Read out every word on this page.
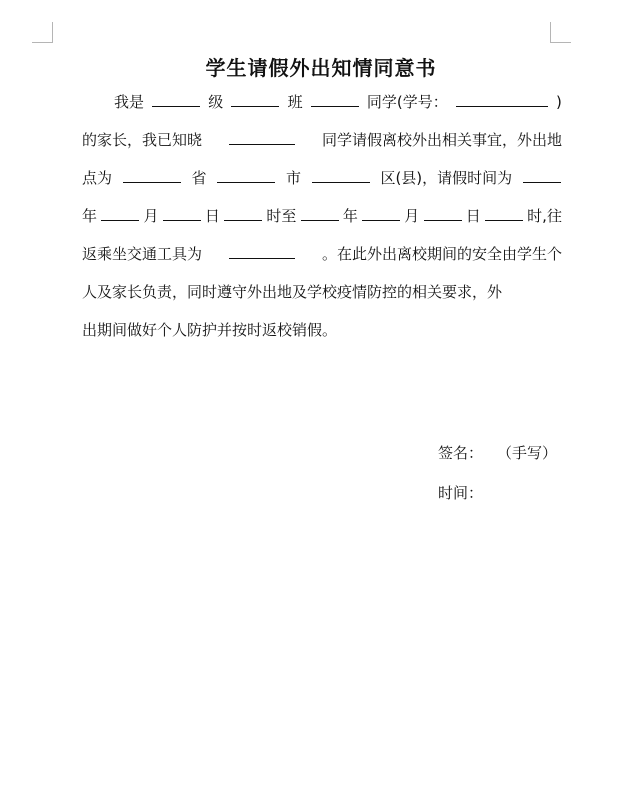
学生请假外出知情同意书
我是	级	班	同学(学号：	)
的家长，我已知晓	同学请假离校外出相关事宜，外出地
点为	省	市	区(县)，请假时间为
年	月	日	时至	年	月	日	时,往
返乘坐交通工具为	。在此外出离校期间的安全由学生个
人及家长负责，同时遵守外出地及学校疫情防控的相关要求，外
出期间做好个人防护并按时返校销假。
签名： （手写）
时间：
